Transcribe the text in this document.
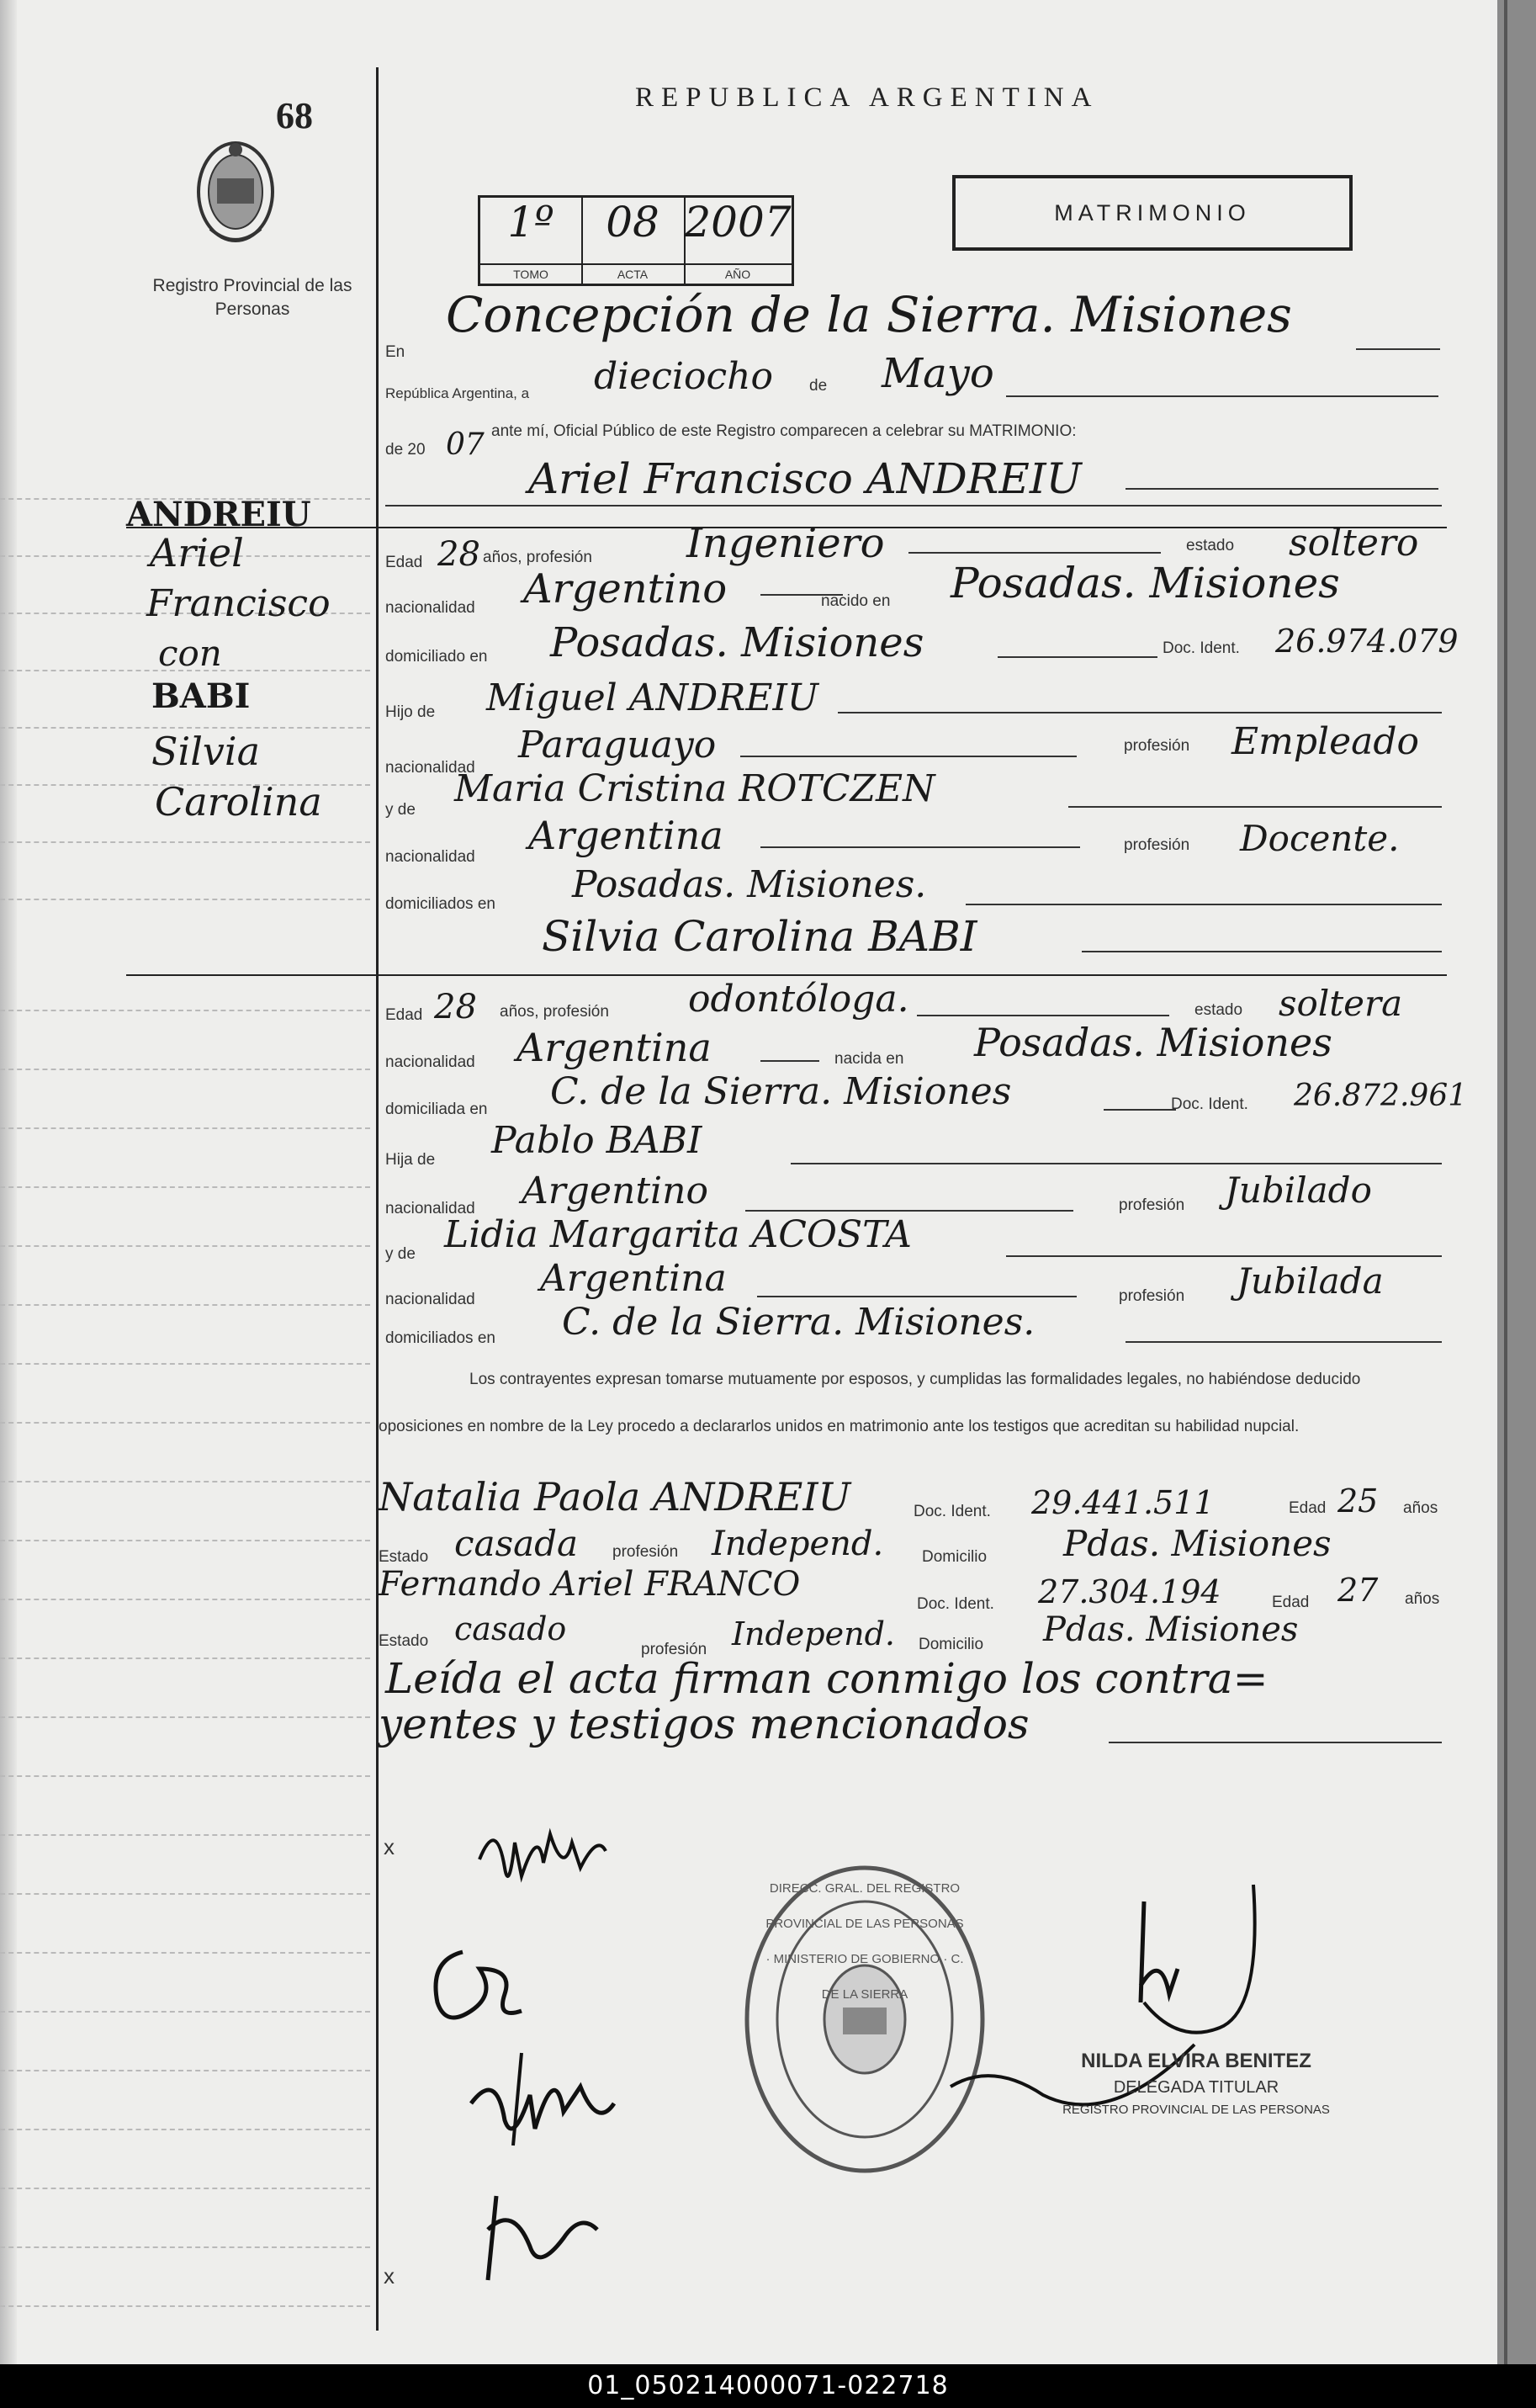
68	REPUBLICA ARGENTINA
Registro Provincial de las Personas
1º
TOMO
08
ACTA
2007
AÑO
MATRIMONIO
ANDREIU
Ariel
Francisco
con
BABI
Silvia
Carolina
En
Concepción de la Sierra. Misiones
República Argentina, a dieciocho de Mayo
de 20 07 ante mí, Oficial Público de este Registro comparecen a celebrar su MATRIMONIO:
Ariel Francisco ANDREIU
Edad 28 años, profesión Ingeniero	estado soltero
nacionalidad Argentino	nacido en Posadas. Misiones
domiciliado en Posadas. Misiones	Doc. Ident. 26.974.079
Hijo de Miguel ANDREIU
nacionalidad
Paraguayo	profesión Empleado
y de Maria Cristina ROTCZEN
nacionalidad Argentina	profesión Docente.
domiciliados en Posadas. Misiones.
Silvia Carolina BABI
Edad 28 años, profesión odontóloga.	estado soltera
nacionalidad Argentina	nacida en Posadas. Misiones
domiciliada en C. de la Sierra. Misiones	Doc. Ident. 26.872.961
Hija de Pablo BABI
nacionalidad Argentino	profesión Jubilado
y de Lidia Margarita ACOSTA
nacionalidad Argentina	profesión Jubilada
domiciliados en C. de la Sierra. Misiones.
Los contrayentes expresan tomarse mutuamente por esposos, y cumplidas las formalidades legales, no habiéndose deducido oposiciones en nombre de la Ley procedo a declararlos unidos en matrimonio ante los testigos que acreditan su habilidad nupcial.
Natalia Paola ANDREIU	Doc. Ident. 29.441.511	Edad 25 años
Estado casada profesión Independ. Domicilio Pdas. Misiones
Fernando Ariel FRANCO
Doc. Ident. 27.304.194	Edad 27 años
Estado casado
profesión Independ. Domicilio Pdas. Misiones
Leída el acta firman conmigo los contra=
yentes y testigos mencionados
x
x
DIRECC. GRAL. DEL REGISTRO PROVINCIAL DE LAS PERSONAS · MINISTERIO DE GOBIERNO · C. DE LA SIERRA
NILDA ELVIRA BENITEZ
DELEGADA TITULAR
REGISTRO PROVINCIAL DE LAS PERSONAS
01_050214000071-022718
